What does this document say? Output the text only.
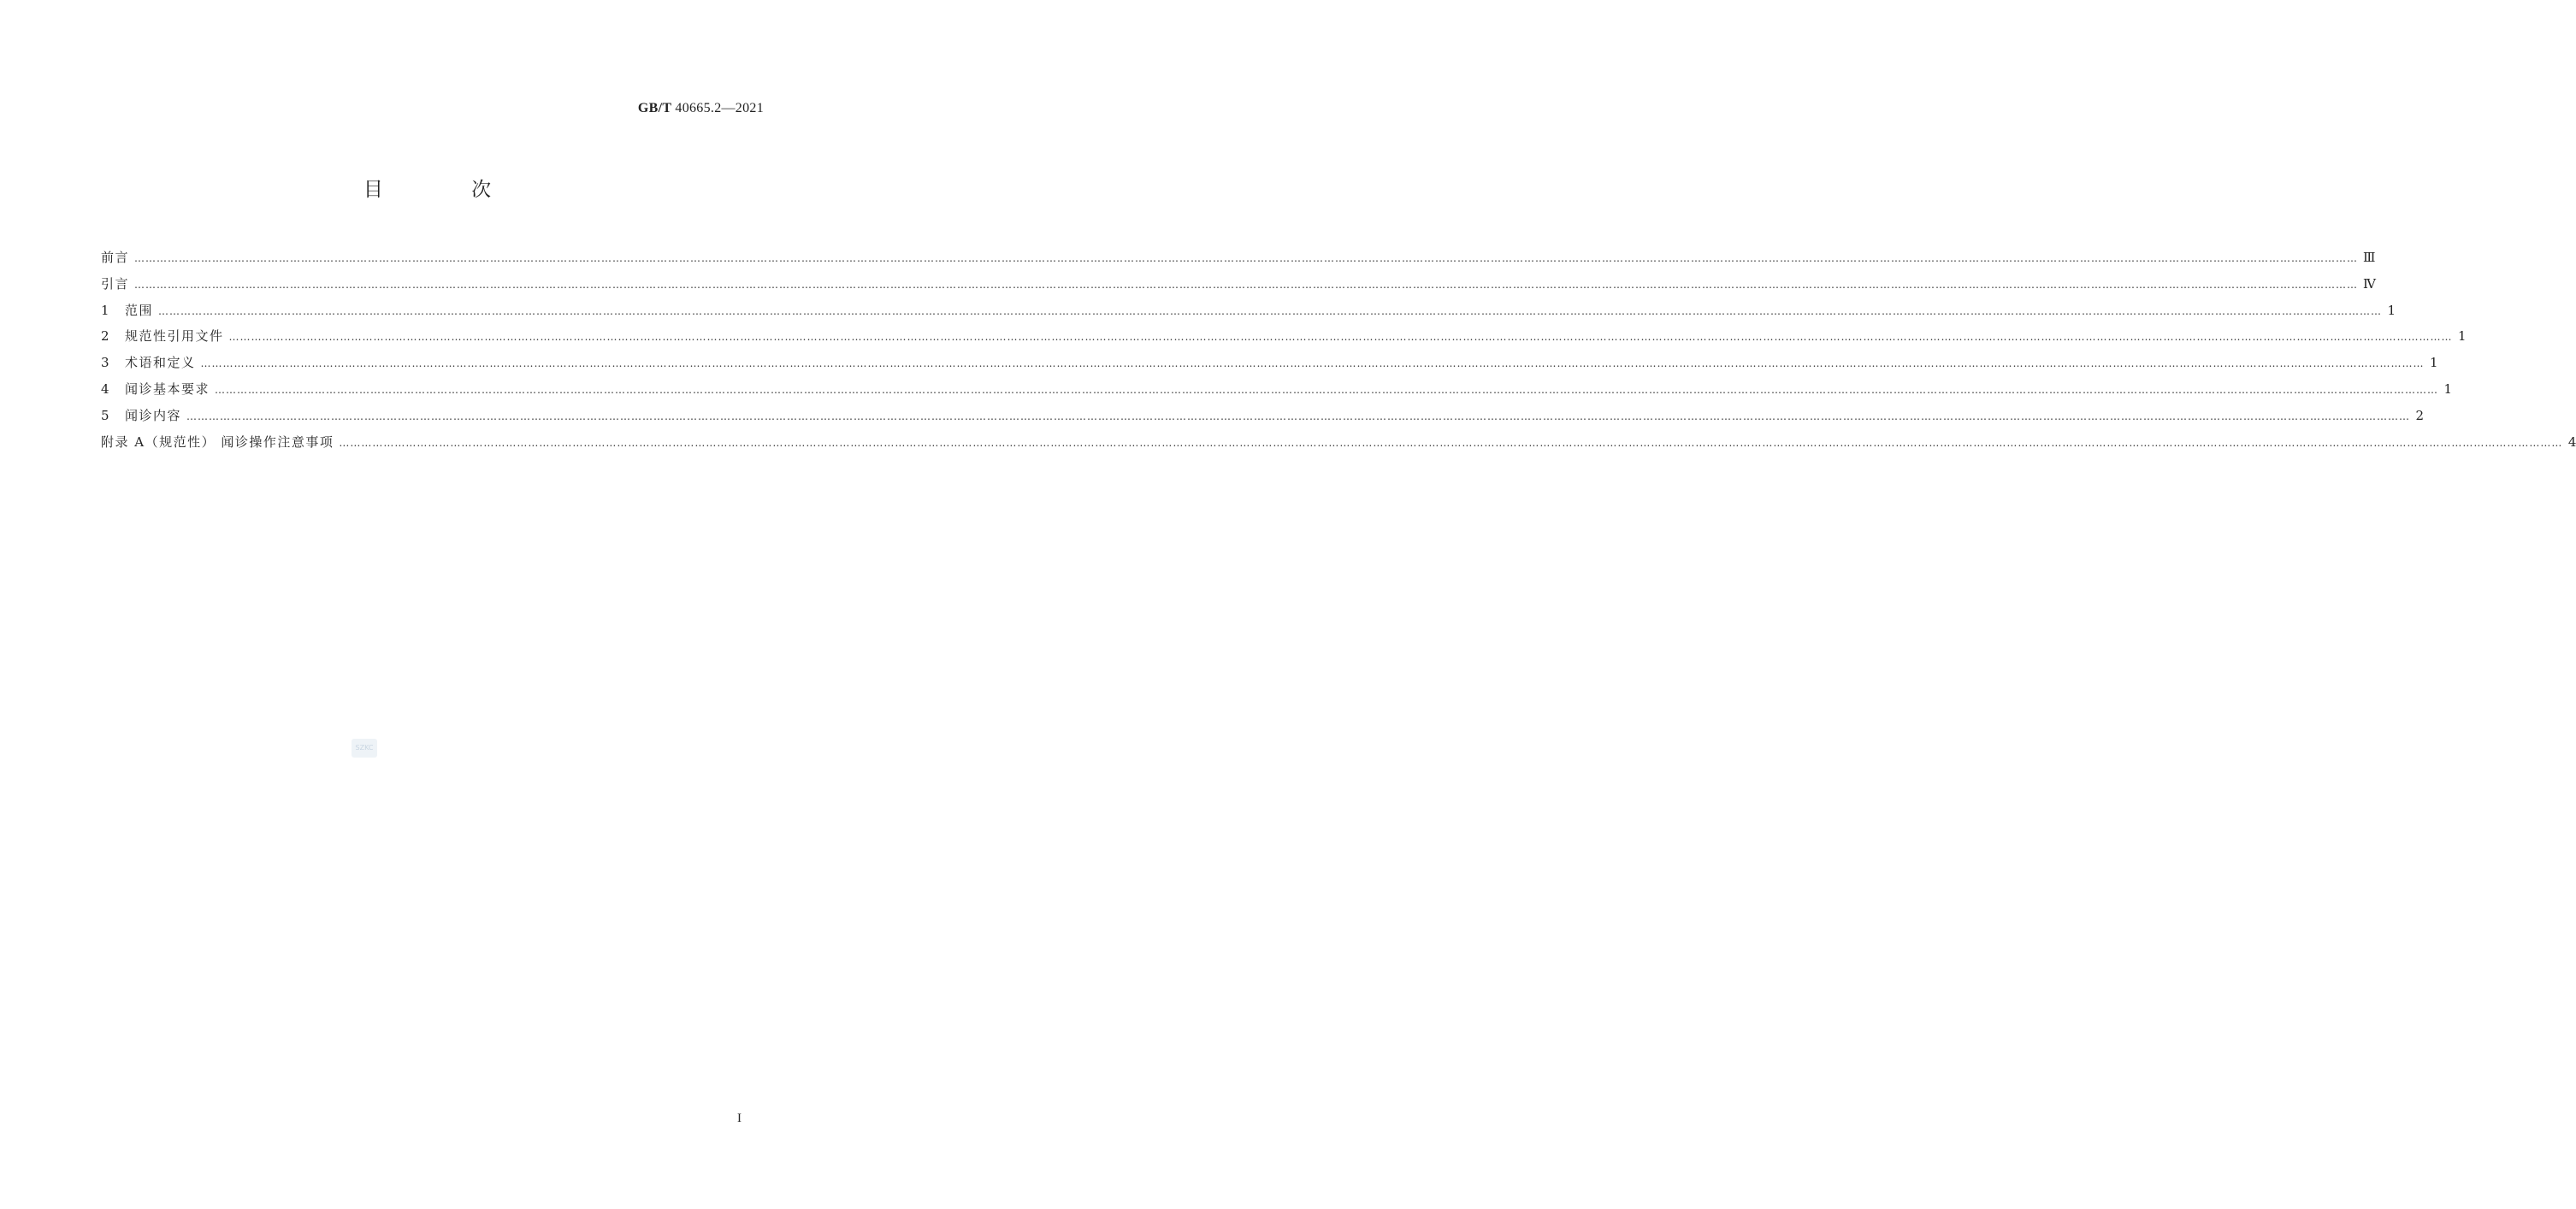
GB/T 40665.2—2021
目 次
前言 …………………………………………………………………………………………………………………………………………………………………………………………………………………………………………………………………………………………………………………………………………………………………………………………………………………………………………………………………………………………………………………………………………………… Ⅲ
引言 …………………………………………………………………………………………………………………………………………………………………………………………………………………………………………………………………………………………………………………………………………………………………………………………………………………………………………………………………………………………………………………………………………………… Ⅳ
1 范围 …………………………………………………………………………………………………………………………………………………………………………………………………………………………………………………………………………………………………………………………………………………………………………………………………………………………………………………………………………………………………………………………………………………… 1
2 规范性引用文件 …………………………………………………………………………………………………………………………………………………………………………………………………………………………………………………………………………………………………………………………………………………………………………………………………………………………………………………………………………………………………………………………………………………… 1
3 术语和定义 …………………………………………………………………………………………………………………………………………………………………………………………………………………………………………………………………………………………………………………………………………………………………………………………………………………………………………………………………………………………………………………………………………………… 1
4 闻诊基本要求 …………………………………………………………………………………………………………………………………………………………………………………………………………………………………………………………………………………………………………………………………………………………………………………………………………………………………………………………………………………………………………………………………………………… 1
5 闻诊内容 …………………………………………………………………………………………………………………………………………………………………………………………………………………………………………………………………………………………………………………………………………………………………………………………………………………………………………………………………………………………………………………………………………………… 2
附录 A（规范性） 闻诊操作注意事项 …………………………………………………………………………………………………………………………………………………………………………………………………………………………………………………………………………………………………………………………………………………………………………………………………………………………………………………………………………………………………………………………………………………… 4
SZKC
I
